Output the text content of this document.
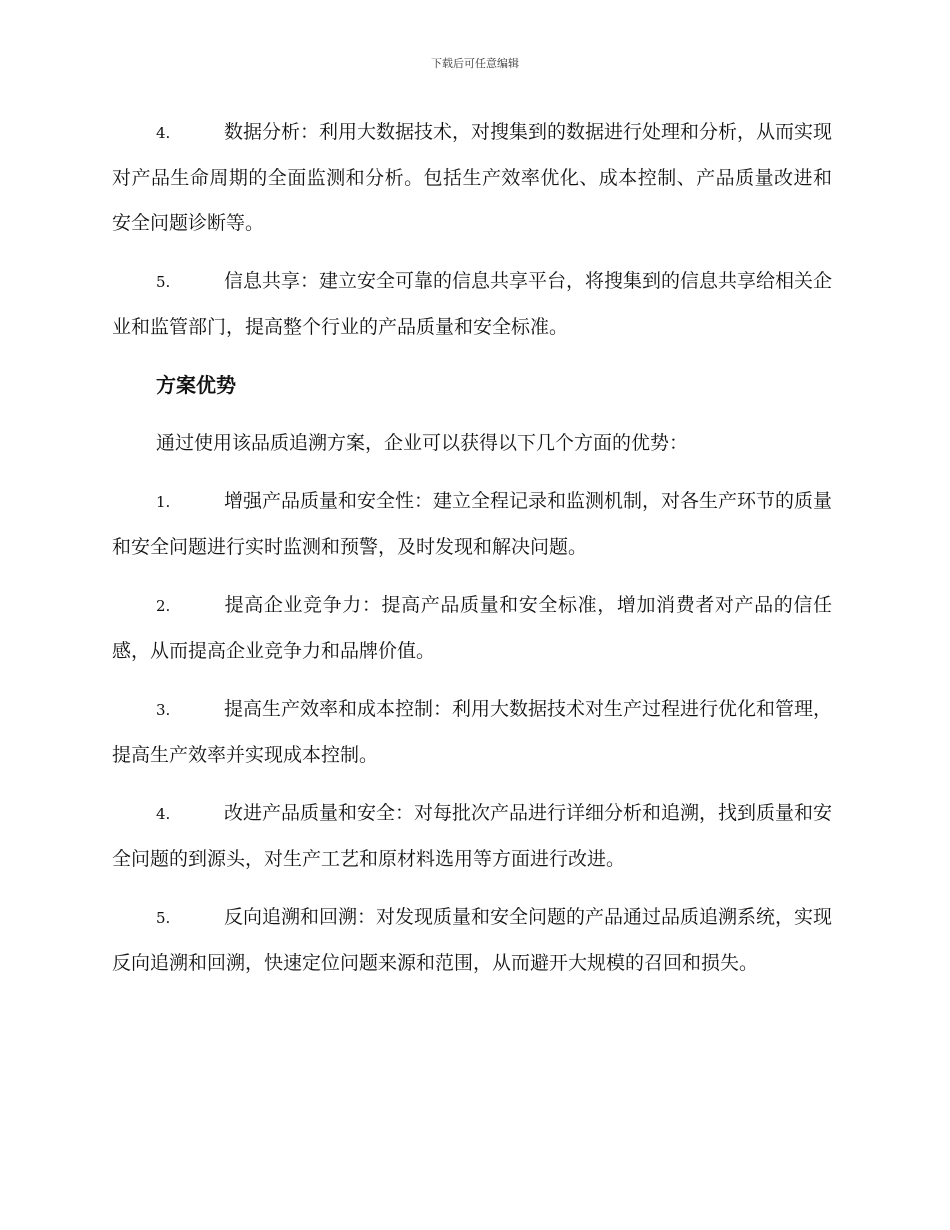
下载后可任意编辑

4.	数据分析：利用大数据技术，对搜集到的数据进行处理和分析，从而实现对产品生命周期的全面监测和分析。包括生产效率优化、成本控制、产品质量改进和安全问题诊断等。

5.	信息共享：建立安全可靠的信息共享平台，将搜集到的信息共享给相关企业和监管部门，提高整个行业的产品质量和安全标准。

方案优势

通过使用该品质追溯方案，企业可以获得以下几个方面的优势：

1.	增强产品质量和安全性：建立全程记录和监测机制，对各生产环节的质量和安全问题进行实时监测和预警，及时发现和解决问题。

2.	提高企业竞争力：提高产品质量和安全标准，增加消费者对产品的信任感，从而提高企业竞争力和品牌价值。

3.	提高生产效率和成本控制：利用大数据技术对生产过程进行优化和管理，提高生产效率并实现成本控制。

4.	改进产品质量和安全：对每批次产品进行详细分析和追溯，找到质量和安全问题的到源头，对生产工艺和原材料选用等方面进行改进。

5.	反向追溯和回溯：对发现质量和安全问题的产品通过品质追溯系统，实现反向追溯和回溯，快速定位问题来源和范围，从而避开大规模的召回和损失。
